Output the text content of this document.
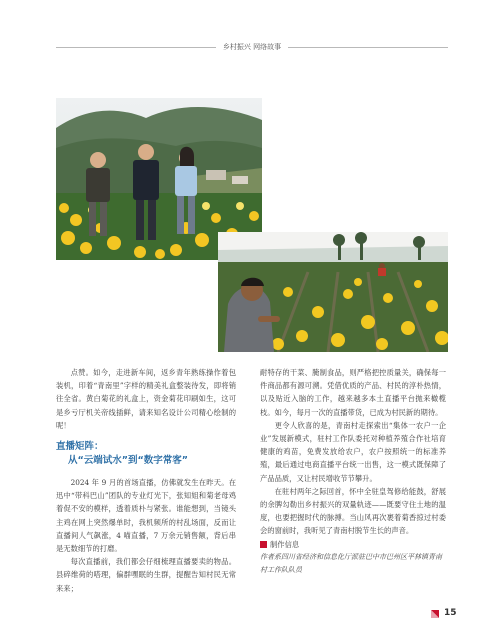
乡村振兴 网络故事

点赞。如今，走进新车间，返乡青年熟练操作着包装机，印着“青南里”字样的精美礼盒整装待发，即将销往全省。黄白菊花的礼盒上，资金菊花印刷如生，这可是乡亏厅机关帝线插鲜，请来知名设计公司精心绘制的呢！

直播矩阵：
从“云端试水”到“数字常客”

2024 年 9 月的首场直播，仿佛就发生在昨天。在迅中“带科巴山”团队的专业灯光下，张知姐和菊老母鸡着促不安的模样，透着质朴与紧张。谁能想到，当镜头主鸡在网上突然爆单时，我机频所的村乱场面，反而让直播间人气飙涨，4 喵直播，7 万余元销售额，背后串是无数细节的打磨。

每次直播前，我们都会仔细梳理直播要卖的物品。县碎维荷的嗒理，偏群嘿眠的生群，提醒告知村民无常来来；

耐特存的干菜、腌制食品，则严格把控质量关，确保每一件商品都有源可溯。凭借优质的产品、村民的淳朴热情，以及贴近入脑的工作，越来越多本土直播平台抛来橄榄枝。如今，每月一次的直播带货，已成为村民新的期待。

更令人欣喜的是，青南村走探索出“集体一农户一企业”发展新模式，驻村工作队委托对种植养殖合作社培育健康的鸡苗，免费发放给农户，农户按照统一的标准养殖，最后通过电商直播平台统一出售，这一模式既保障了产品品质，又让村民增收节节攀升。

在驻村两年之际回首，怀中全驻皇驾修给能鼓，舒展的余脾勾勒出乡村振兴的双量轨迹——既要守住土地的温度，也要把握时代的脉搏。当山风再次裹着菊香掠过村委会的窗前时，我听见了青南村脱节生长的声音。

制作信息

作者系四川省经济和信息化厅派驻巴中市巴州区平林镇青南
村工作队队员
15
